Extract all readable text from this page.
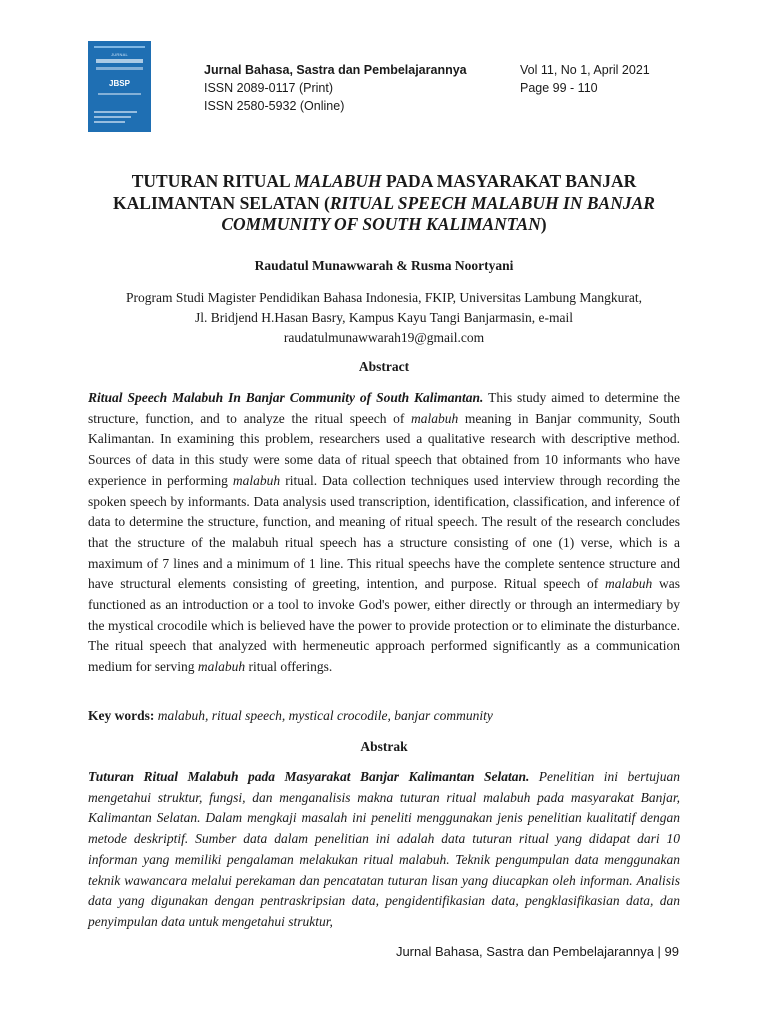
JURNAL
JBSP
Jurnal Bahasa, Sastra dan Pembelajarannya
ISSN 2089-0117 (Print)
ISSN 2580-5932 (Online)
Vol 11, No 1, April 2021
Page 99 - 110
TUTURAN RITUAL MALABUH PADA MASYARAKAT BANJAR KALIMANTAN SELATAN (RITUAL SPEECH MALABUH IN BANJAR COMMUNITY OF SOUTH KALIMANTAN)
Raudatul Munawwarah & Rusma Noortyani
Program Studi Magister Pendidikan Bahasa Indonesia, FKIP, Universitas Lambung Mangkurat,
Jl. Bridjend H.Hasan Basry, Kampus Kayu Tangi Banjarmasin, e-mail
raudatulmunawwarah19@gmail.com
Abstract
Ritual Speech Malabuh In Banjar Community of South Kalimantan. This study aimed to determine the structure, function, and to analyze the ritual speech of malabuh meaning in Banjar community, South Kalimantan. In examining this problem, researchers used a qualitative research with descriptive method. Sources of data in this study were some data of ritual speech that obtained from 10 informants who have experience in performing malabuh ritual. Data collection techniques used interview through recording the spoken speech by informants. Data analysis used transcription, identification, classification, and inference of data to determine the structure, function, and meaning of ritual speech. The result of the research concludes that the structure of the malabuh ritual speech has a structure consisting of one (1) verse, which is a maximum of 7 lines and a minimum of 1 line. This ritual speechs have the complete sentence structure and have structural elements consisting of greeting, intention, and purpose. Ritual speech of malabuh was functioned as an introduction or a tool to invoke God's power, either directly or through an intermediary by the mystical crocodile which is believed have the power to provide protection or to eliminate the disturbance. The ritual speech that analyzed with hermeneutic approach performed significantly as a communication medium for serving malabuh ritual offerings.
Key words: malabuh, ritual speech, mystical crocodile, banjar community
Abstrak
Tuturan Ritual Malabuh pada Masyarakat Banjar Kalimantan Selatan. Penelitian ini bertujuan mengetahui struktur, fungsi, dan menganalisis makna tuturan ritual malabuh pada masyarakat Banjar, Kalimantan Selatan. Dalam mengkaji masalah ini peneliti menggunakan jenis penelitian kualitatif dengan metode deskriptif. Sumber data dalam penelitian ini adalah data tuturan ritual yang didapat dari 10 informan yang memiliki pengalaman melakukan ritual malabuh. Teknik pengumpulan data menggunakan teknik wawancara melalui perekaman dan pencatatan tuturan lisan yang diucapkan oleh informan. Analisis data yang digunakan dengan pentraskripsian data, pengidentifikasian data, pengklasifikasian data, dan penyimpulan data untuk mengetahui struktur,
Jurnal Bahasa, Sastra dan Pembelajarannya | 99
